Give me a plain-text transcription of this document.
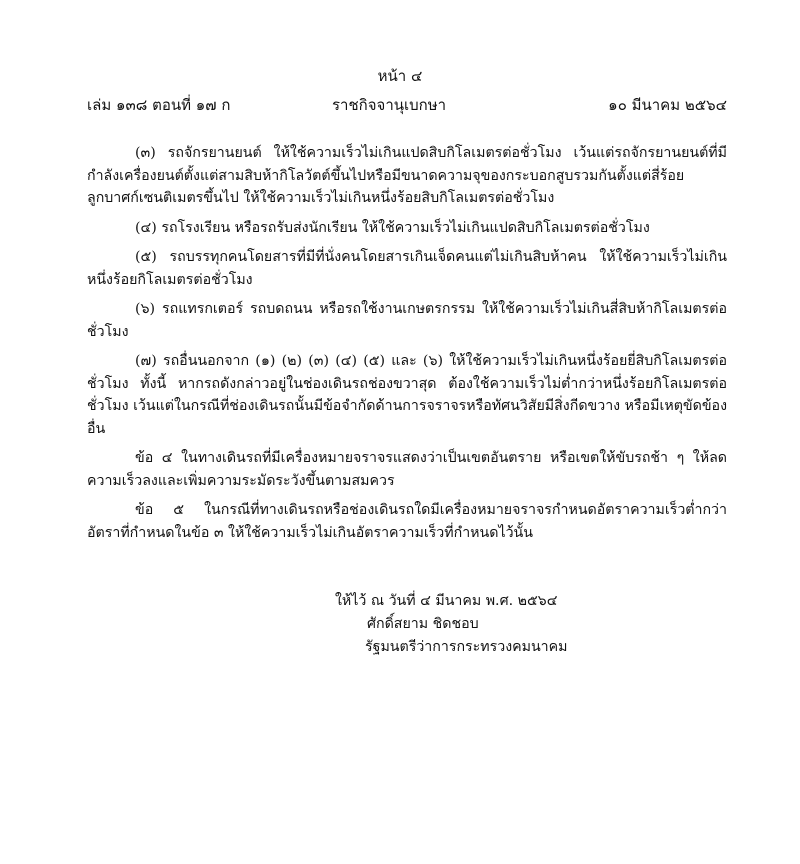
หน้า ๔
เล่ม ๑๓๘ ตอนที่ ๑๗ ก	ราชกิจจานุเบกษา	๑๐ มีนาคม ๒๕๖๔

(๓) รถจักรยานยนต์ ให้ใช้ความเร็วไม่เกินแปดสิบกิโลเมตรต่อชั่วโมง เว้นแต่รถจักรยานยนต์ที่มีกำลังเครื่องยนต์ตั้งแต่สามสิบห้ากิโลวัตต์ขึ้นไปหรือมีขนาดความจุของกระบอกสูบรวมกันตั้งแต่สี่ร้อยลูกบาศก์เซนติเมตรขึ้นไป ให้ใช้ความเร็วไม่เกินหนึ่งร้อยสิบกิโลเมตรต่อชั่วโมง

(๔) รถโรงเรียน หรือรถรับส่งนักเรียน ให้ใช้ความเร็วไม่เกินแปดสิบกิโลเมตรต่อชั่วโมง

(๕) รถบรรทุกคนโดยสารที่มีที่นั่งคนโดยสารเกินเจ็ดคนแต่ไม่เกินสิบห้าคน ให้ใช้ความเร็วไม่เกินหนึ่งร้อยกิโลเมตรต่อชั่วโมง

(๖) รถแทรกเตอร์ รถบดถนน หรือรถใช้งานเกษตรกรรม ให้ใช้ความเร็วไม่เกินสี่สิบห้ากิโลเมตรต่อชั่วโมง

(๗) รถอื่นนอกจาก (๑) (๒) (๓) (๔) (๕) และ (๖) ให้ใช้ความเร็วไม่เกินหนึ่งร้อยยี่สิบกิโลเมตรต่อชั่วโมง ทั้งนี้ หากรถดังกล่าวอยู่ในช่องเดินรถช่องขวาสุด ต้องใช้ความเร็วไม่ต่ำกว่าหนึ่งร้อยกิโลเมตรต่อชั่วโมง เว้นแต่ในกรณีที่ช่องเดินรถนั้นมีข้อจำกัดด้านการจราจรหรือทัศนวิสัยมีสิ่งกีดขวาง หรือมีเหตุขัดข้องอื่น

ข้อ ๔ ในทางเดินรถที่มีเครื่องหมายจราจรแสดงว่าเป็นเขตอันตราย หรือเขตให้ขับรถช้า ๆ ให้ลดความเร็วลงและเพิ่มความระมัดระวังขึ้นตามสมควร

ข้อ ๕ ในกรณีที่ทางเดินรถหรือช่องเดินรถใดมีเครื่องหมายจราจรกำหนดอัตราความเร็วต่ำกว่าอัตราที่กำหนดในข้อ ๓ ให้ใช้ความเร็วไม่เกินอัตราความเร็วที่กำหนดไว้นั้น

ให้ไว้ ณ วันที่ ๔ มีนาคม พ.ศ. ๒๕๖๔
ศักดิ์สยาม ชิดชอบ
รัฐมนตรีว่าการกระทรวงคมนาคม
